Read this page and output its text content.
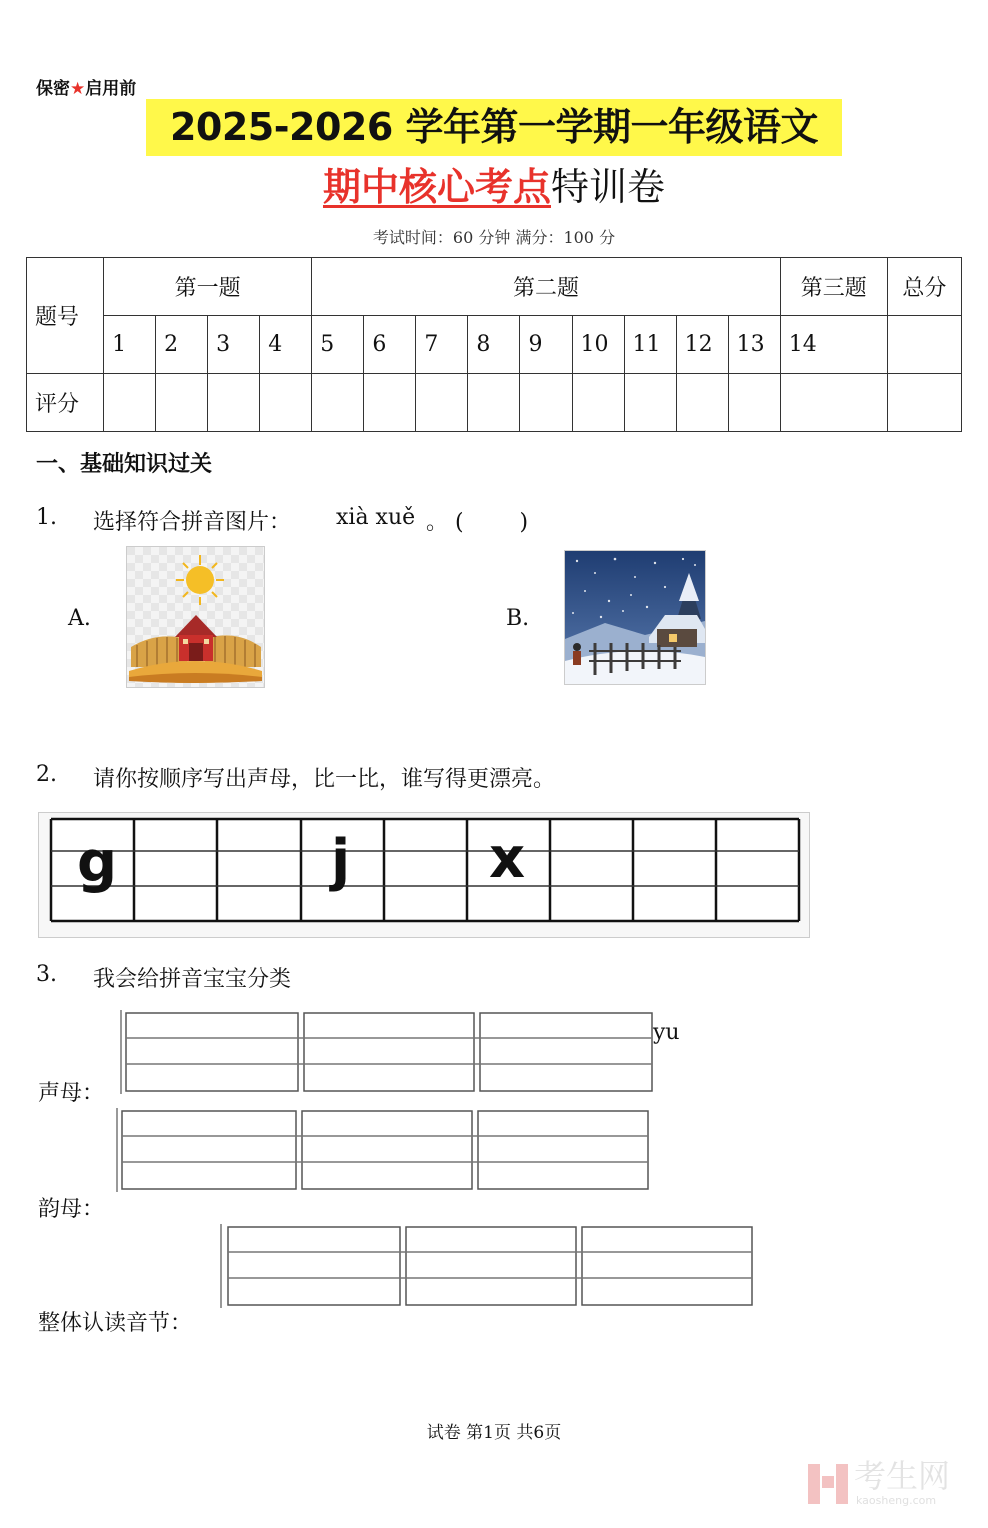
保密★启用前
2025-2026 学年第一学期一年级语文
期中核心考点特训卷
考试时间：60 分钟 满分：100 分
题号	第一题				第二题									第三题	总分
	1	2	3	4	5	6	7	8	9	10	11	12	13	14	
评分															
一、基础知识过关
1. 选择符合拼音图片： xià xuě 。 (        )
A.	B.
2. 请你按顺序写出声母，比一比，谁写得更漂亮。
g	j x
3. 我会给拼音宝宝分类
yu
声母：
韵母：
整体认读音节：
试卷 第1页 共6页
考生网
kaosheng.com
